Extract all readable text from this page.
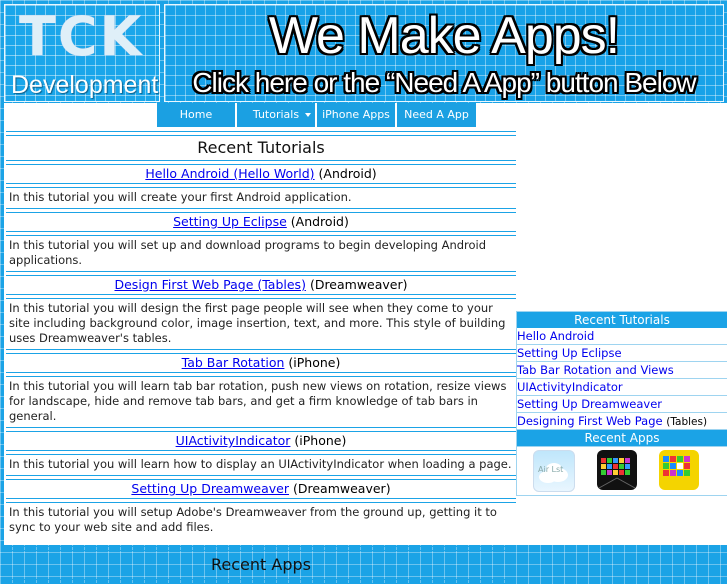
TCK
Development
We Make Apps!
Click here or the “Need A App” button Below
Home	Tutorials	iPhone Apps	Need A App
Recent Tutorials
Hello Android (Hello World) (Android)
In this tutorial you will create your first Android application.
Setting Up Eclipse (Android)
In this tutorial you will set up and download programs to begin developing Android applications.
Design First Web Page (Tables) (Dreamweaver)
In this tutorial you will design the first page people will see when they come to your site including background color, image insertion, text, and more. This style of building uses Dreamweaver's tables.
Tab Bar Rotation (iPhone)
In this tutorial you will learn tab bar rotation, push new views on rotation, resize views for landscape, hide and remove tab bars, and get a firm knowledge of tab bars in general.
UIActivityIndicator (iPhone)
In this tutorial you will learn how to display an UIActivityIndicator when loading a page.
Setting Up Dreamweaver (Dreamweaver)
In this tutorial you will setup Adobe's Dreamweaver from the ground up, getting it to sync to your web site and add files.
Recent Apps
Recent Tutorials
Hello Android
Setting Up Eclipse
Tab Bar Rotation and Views
UIActivityIndicator
Setting Up Dreamweaver
Designing First Web Page (Tables)
Recent Apps
Air Lst
